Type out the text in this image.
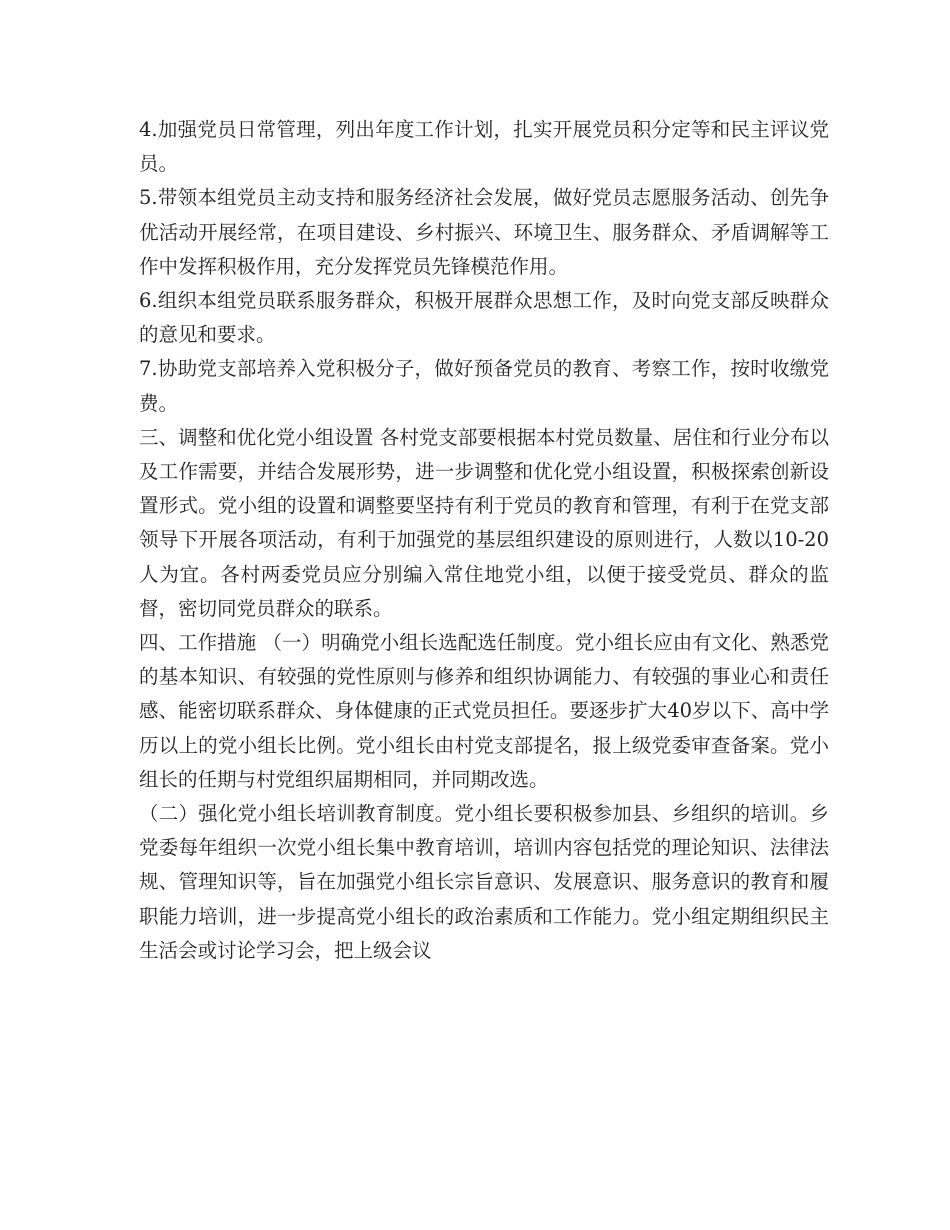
4.加强党员日常管理，列出年度工作计划，扎实开展党员积分定等和民主评议党员。

5.带领本组党员主动支持和服务经济社会发展，做好党员志愿服务活动、创先争优活动开展经常，在项目建设、乡村振兴、环境卫生、服务群众、矛盾调解等工作中发挥积极作用，充分发挥党员先锋模范作用。

6.组织本组党员联系服务群众，积极开展群众思想工作，及时向党支部反映群众的意见和要求。

7.协助党支部培养入党积极分子，做好预备党员的教育、考察工作，按时收缴党费。

三、调整和优化党小组设置 各村党支部要根据本村党员数量、居住和行业分布以及工作需要，并结合发展形势，进一步调整和优化党小组设置，积极探索创新设置形式。党小组的设置和调整要坚持有利于党员的教育和管理，有利于在党支部领导下开展各项活动，有利于加强党的基层组织建设的原则进行，人数以10-20人为宜。各村两委党员应分别编入常住地党小组，以便于接受党员、群众的监督，密切同党员群众的联系。

四、工作措施 （一）明确党小组长选配选任制度。党小组长应由有文化、熟悉党的基本知识、有较强的党性原则与修养和组织协调能力、有较强的事业心和责任感、能密切联系群众、身体健康的正式党员担任。要逐步扩大40岁以下、高中学历以上的党小组长比例。党小组长由村党支部提名，报上级党委审查备案。党小组长的任期与村党组织届期相同，并同期改选。

（二）强化党小组长培训教育制度。党小组长要积极参加县、乡组织的培训。乡党委每年组织一次党小组长集中教育培训，培训内容包括党的理论知识、法律法规、管理知识等，旨在加强党小组长宗旨意识、发展意识、服务意识的教育和履职能力培训，进一步提高党小组长的政治素质和工作能力。党小组定期组织民主生活会或讨论学习会，把上级会议
